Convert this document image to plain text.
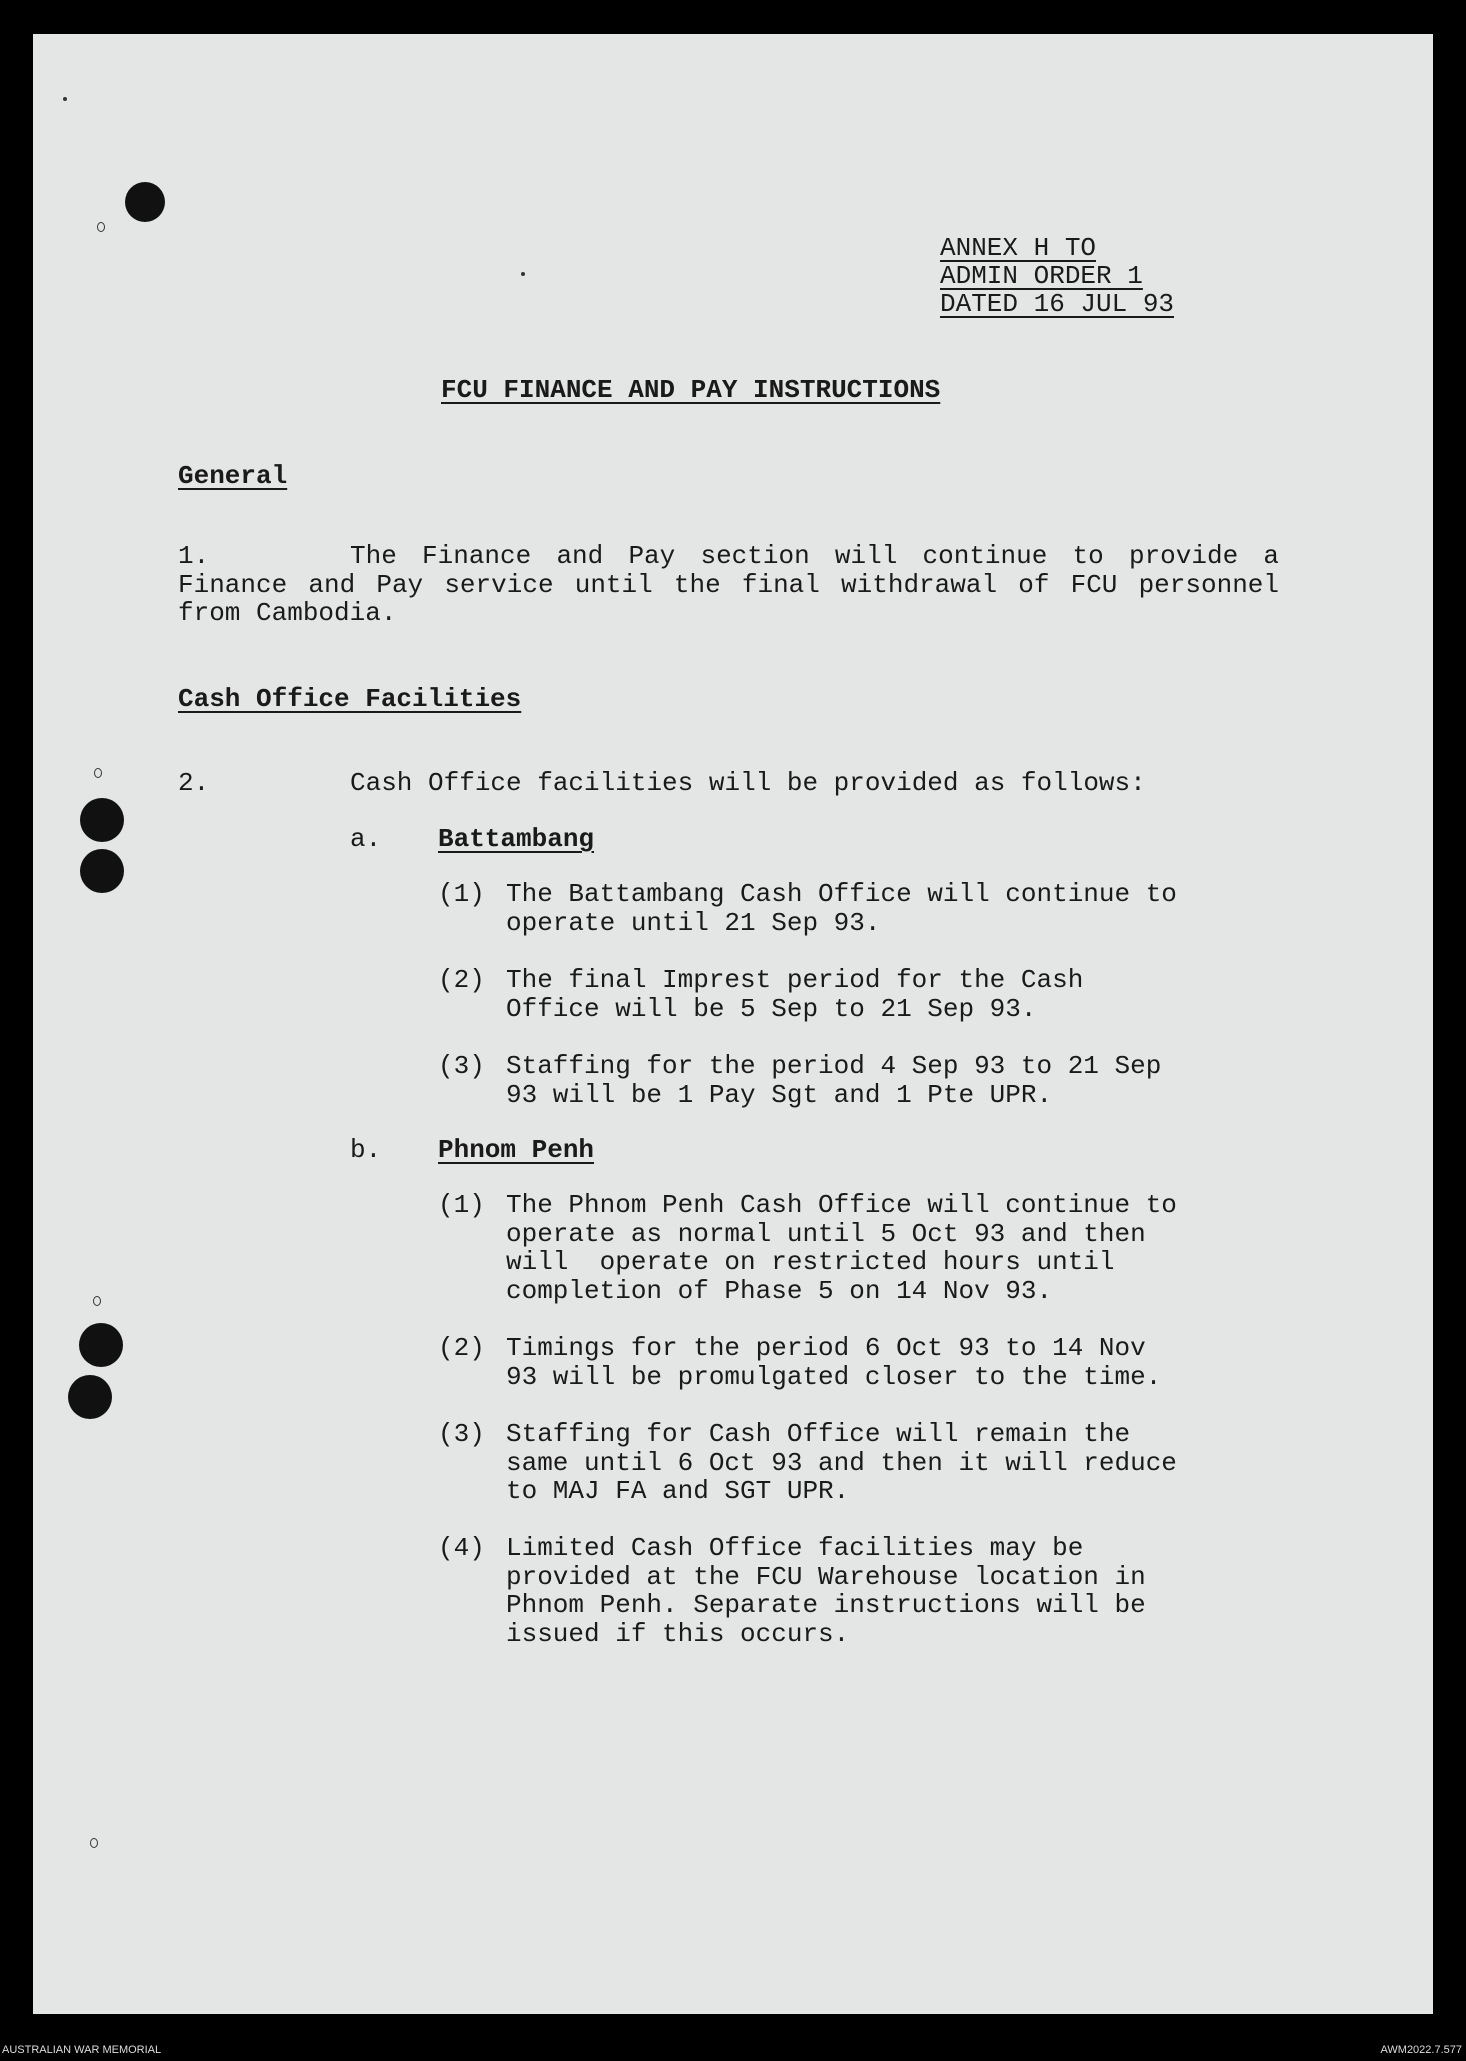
ANNEX H TO
ADMIN ORDER 1
DATED 16 JUL 93
FCU FINANCE AND PAY INSTRUCTIONS
General
1.	The Finance and Pay section will continue to provide a Finance and Pay service until the final withdrawal of FCU personnel from Cambodia.
Cash Office Facilities
2.	Cash Office facilities will be provided as follows:
a. Battambang
(1) The Battambang Cash Office will continue to
operate until 21 Sep 93.
(2) The final Imprest period for the Cash
Office will be 5 Sep to 21 Sep 93.
(3) Staffing for the period 4 Sep 93 to 21 Sep
93 will be 1 Pay Sgt and 1 Pte UPR.
b. Phnom Penh
(1) The Phnom Penh Cash Office will continue to
operate as normal until 5 Oct 93 and then
will  operate on restricted hours until
completion of Phase 5 on 14 Nov 93.
(2) Timings for the period 6 Oct 93 to 14 Nov
93 will be promulgated closer to the time.
(3) Staffing for Cash Office will remain the
same until 6 Oct 93 and then it will reduce
to MAJ FA and SGT UPR.
(4) Limited Cash Office facilities may be
provided at the FCU Warehouse location in
Phnom Penh. Separate instructions will be
issued if this occurs.
AUSTRALIAN WAR MEMORIAL	AWM2022.7.577
